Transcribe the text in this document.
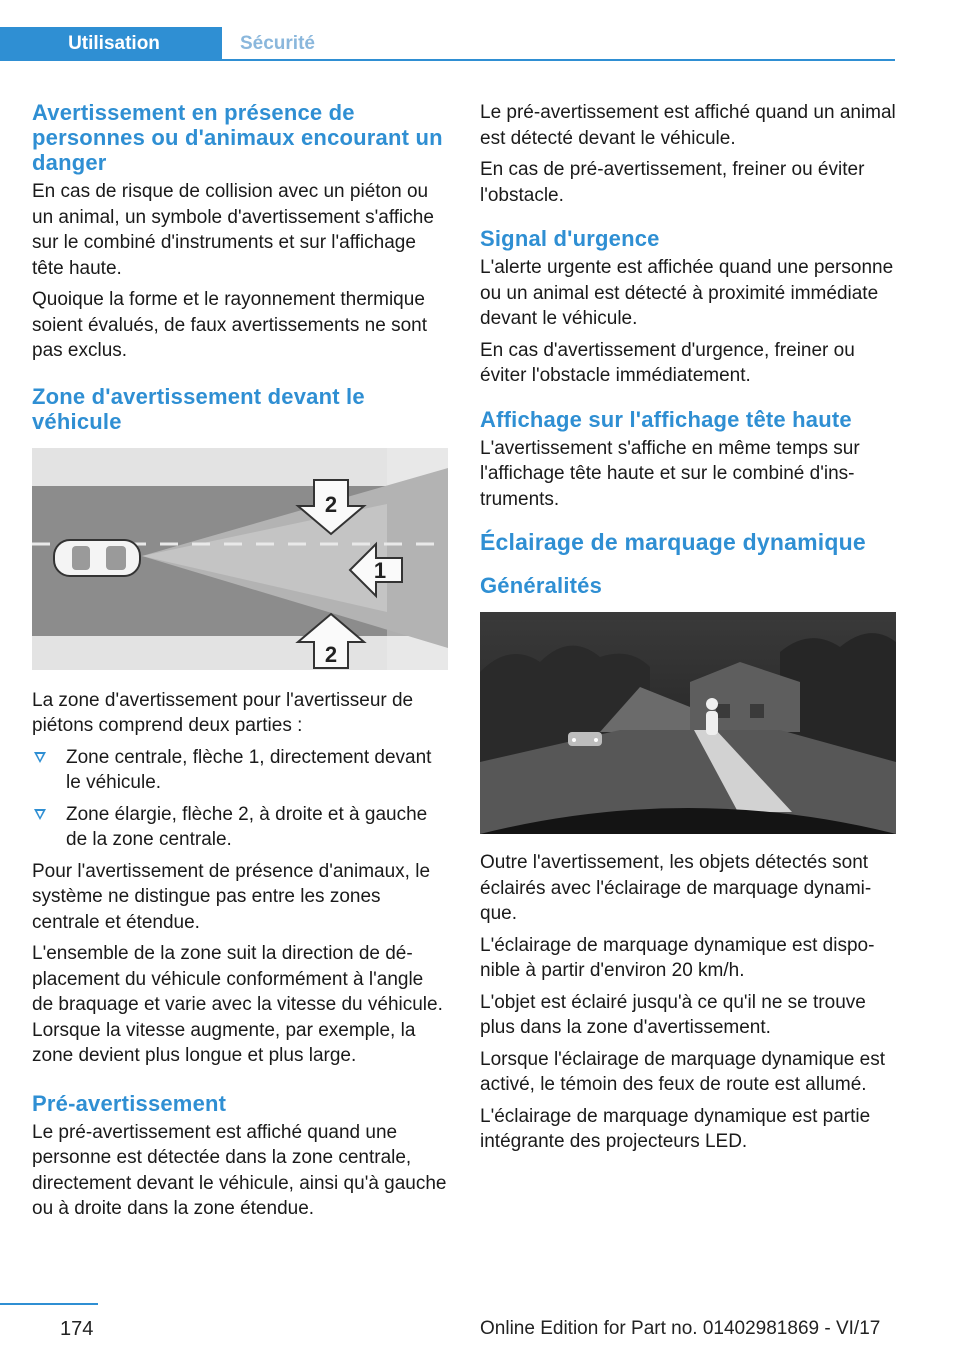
Utilisation	Sécurité
Avertissement en présence de personnes ou d'animaux encourant un danger

En cas de risque de collision avec un piéton ou un animal, un symbole d'avertissement s'affiche sur le combiné d'instruments et sur l'affichage tête haute.

Quoique la forme et le rayonnement thermique soient évalués, de faux avertissements ne sont pas exclus.

Zone d'avertissement devant le véhicule
2
1
2

La zone d'avertissement pour l'avertisseur de piétons comprend deux parties :

Zone centrale, flèche 1, directement devant le véhicule.
Zone élargie, flèche 2, à droite et à gauche de la zone centrale.

Pour l'avertissement de présence d'animaux, le système ne distingue pas entre les zones centrale et étendue.

L'ensemble de la zone suit la direction de déplacement du véhicule conformément à l'angle de braquage et varie avec la vitesse du véhicule. Lorsque la vitesse augmente, par exemple, la zone devient plus longue et plus large.

Pré-avertissement

Le pré-avertissement est affiché quand une personne est détectée dans la zone centrale, directement devant le véhicule, ainsi qu'à gauche ou à droite dans la zone étendue.

Le pré-avertissement est affiché quand un animal est détecté devant le véhicule.

En cas de pré-avertissement, freiner ou éviter l'obstacle.

Signal d'urgence

L'alerte urgente est affichée quand une personne ou un animal est détecté à proximité immédiate devant le véhicule.

En cas d'avertissement d'urgence, freiner ou éviter l'obstacle immédiatement.

Affichage sur l'affichage tête haute

L'avertissement s'affiche en même temps sur l'affichage tête haute et sur le combiné d'instruments.

Éclairage de marquage dynamique
Généralités

Outre l'avertissement, les objets détectés sont éclairés avec l'éclairage de marquage dynamique.

L'éclairage de marquage dynamique est disponible à partir d'environ 20 km/h.

L'objet est éclairé jusqu'à ce qu'il ne se trouve plus dans la zone d'avertissement.

Lorsque l'éclairage de marquage dynamique est activé, le témoin des feux de route est allumé.

L'éclairage de marquage dynamique est partie intégrante des projecteurs LED.

174	Online Edition for Part no. 01402981869 - VI/17
